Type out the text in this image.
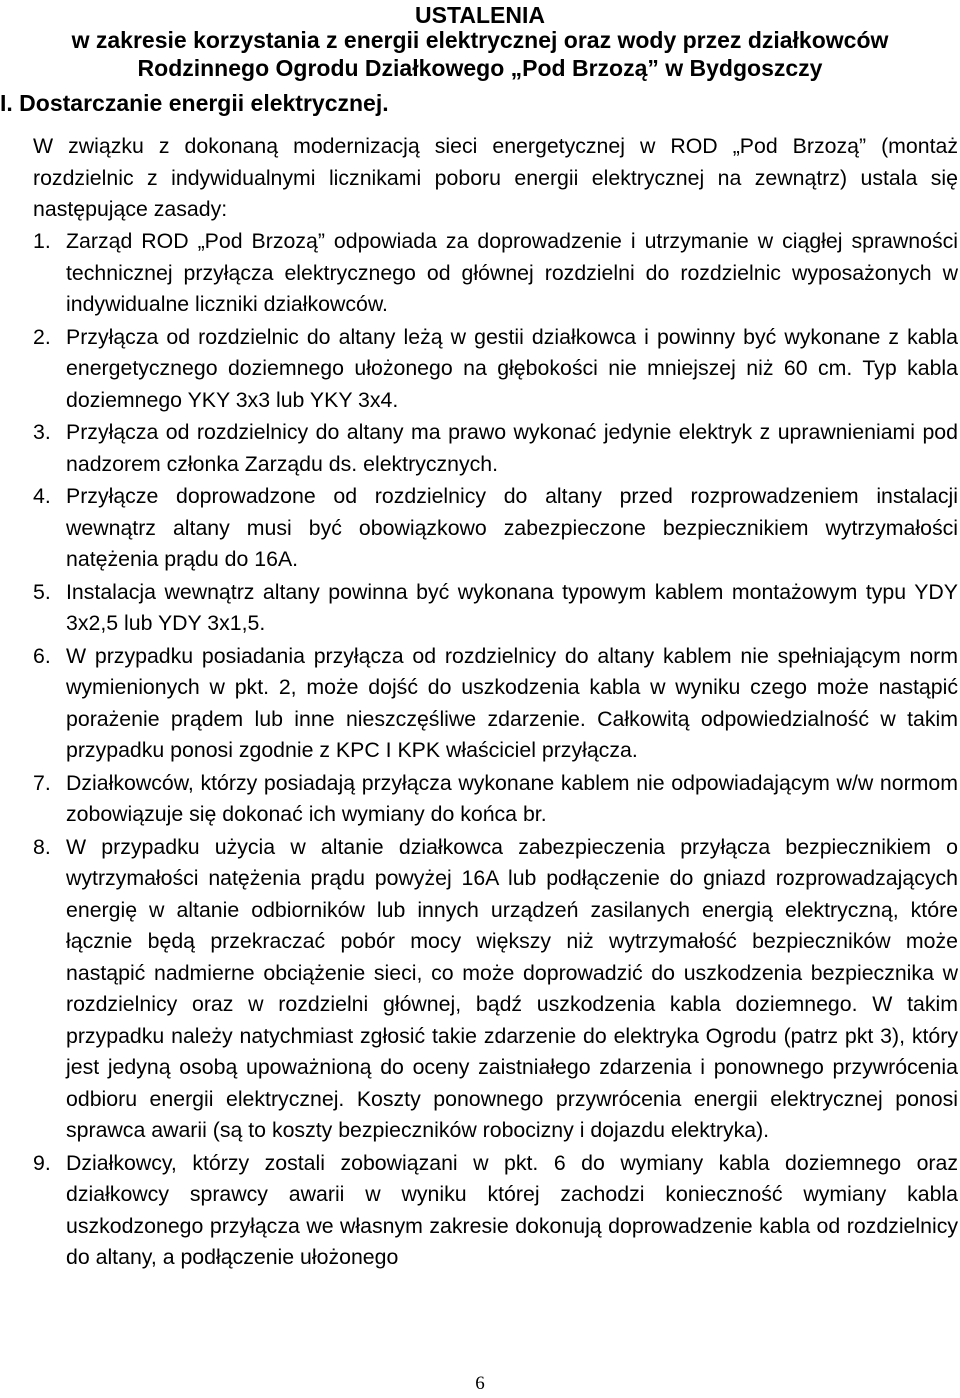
USTALENIA
w zakresie korzystania z energii elektrycznej oraz wody przez działkowców
Rodzinnego Ogrodu Działkowego „Pod Brzozą” w Bydgoszczy
I. Dostarczanie energii elektrycznej.
W związku z dokonaną modernizacją sieci energetycznej w ROD „Pod Brzozą” (montaż rozdzielnic z indywidualnymi licznikami poboru energii elektrycznej na zewnątrz) ustala się następujące zasady:
1. Zarząd ROD „Pod Brzozą” odpowiada za doprowadzenie i utrzymanie w ciągłej sprawności technicznej przyłącza elektrycznego od głównej rozdzielni do rozdzielnic wyposażonych w indywidualne liczniki działkowców.
2. Przyłącza od rozdzielnic do altany leżą w gestii działkowca i powinny być wykonane z kabla energetycznego doziemnego ułożonego na głębokości nie mniejszej niż 60 cm. Typ kabla doziemnego YKY 3x3 lub YKY 3x4.
3. Przyłącza od rozdzielnicy do altany ma prawo wykonać jedynie elektryk z uprawnieniami pod nadzorem członka Zarządu ds. elektrycznych.
4. Przyłącze doprowadzone od rozdzielnicy do altany przed rozprowadzeniem instalacji wewnątrz altany musi być obowiązkowo zabezpieczone bezpiecznikiem wytrzymałości natężenia prądu do 16A.
5. Instalacja wewnątrz altany powinna być wykonana typowym kablem montażowym typu YDY 3x2,5 lub YDY 3x1,5.
6. W przypadku posiadania przyłącza od rozdzielnicy do altany kablem nie spełniającym norm wymienionych w pkt. 2, może dojść do uszkodzenia kabla w wyniku czego może nastąpić porażenie prądem lub inne nieszczęśliwe zdarzenie. Całkowitą odpowiedzialność w takim przypadku ponosi zgodnie z KPC I KPK właściciel przyłącza.
7. Działkowców, którzy posiadają przyłącza wykonane kablem nie odpowiadającym w/w normom zobowiązuje się dokonać ich wymiany do końca br.
8. W przypadku użycia w altanie działkowca zabezpieczenia przyłącza bezpiecznikiem o wytrzymałości natężenia prądu powyżej 16A lub podłączenie do gniazd rozprowadzających energię w altanie odbiorników lub innych urządzeń zasilanych energią elektryczną, które łącznie będą przekraczać pobór mocy większy niż wytrzymałość bezpieczników może nastąpić nadmierne obciążenie sieci, co może doprowadzić do uszkodzenia bezpiecznika w rozdzielnicy oraz w rozdzielni głównej, bądź uszkodzenia kabla doziemnego. W takim przypadku należy natychmiast zgłosić takie zdarzenie do elektryka Ogrodu (patrz pkt 3), który jest jedyną osobą upoważnioną do oceny zaistniałego zdarzenia i ponownego przywrócenia odbioru energii elektrycznej. Koszty ponownego przywrócenia energii elektrycznej ponosi sprawca awarii (są to koszty bezpieczników robocizny i dojazdu elektryka).
9. Działkowcy, którzy zostali zobowiązani w pkt. 6 do wymiany kabla doziemnego oraz działkowcy sprawcy awarii w wyniku której zachodzi konieczność wymiany kabla uszkodzonego przyłącza we własnym zakresie dokonują doprowadzenie kabla od rozdzielnicy do altany, a podłączenie ułożonego
6
